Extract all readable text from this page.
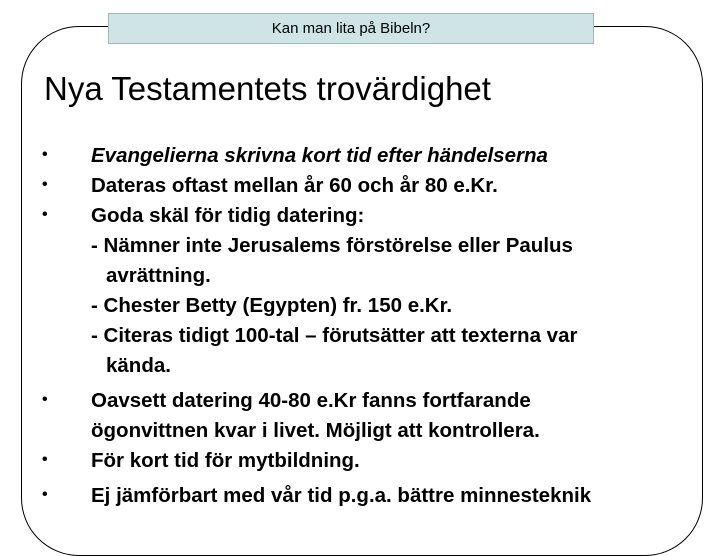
Kan man lita på Bibeln?
Nya Testamentets trovärdighet
• Evangelierna skrivna kort tid efter händelserna
• Dateras oftast mellan år 60 och år 80 e.Kr.
• Goda skäl för tidig datering:
- Nämner inte Jerusalems förstörelse eller Paulus
avrättning.
- Chester Betty (Egypten) fr. 150 e.Kr.
- Citeras tidigt 100-tal – förutsätter att texterna var
kända.
• Oavsett datering 40-80 e.Kr fanns fortfarande
ögonvittnen kvar i livet. Möjligt att kontrollera.
• För kort tid för mytbildning.
• Ej jämförbart med vår tid p.g.a. bättre minnesteknik
